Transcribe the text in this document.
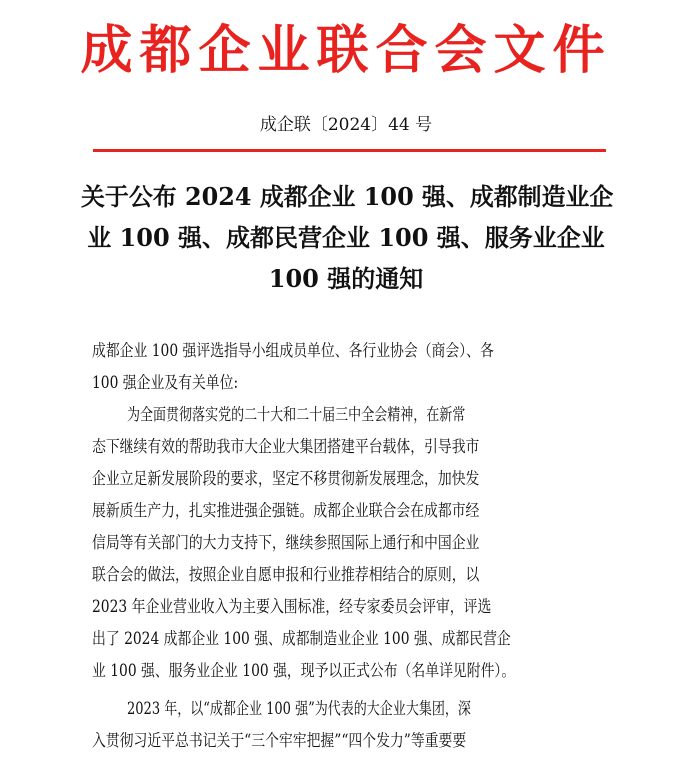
成都企业联合会文件
成企联〔2024〕44 号
关于公布 2024 成都企业 100 强、成都制造业企
业 100 强、成都民营企业 100 强、服务业企业
100 强的通知
成都企业 100 强评选指导小组成员单位、各行业协会（商会）、各
100 强企业及有关单位:
为全面贯彻落实党的二十大和二十届三中全会精神，在新常
态下继续有效的帮助我市大企业大集团搭建平台载体，引导我市
企业立足新发展阶段的要求，坚定不移贯彻新发展理念，加快发
展新质生产力，扎实推进强企强链。成都企业联合会在成都市经
信局等有关部门的大力支持下，继续参照国际上通行和中国企业
联合会的做法，按照企业自愿申报和行业推荐相结合的原则，以
2023 年企业营业收入为主要入围标准，经专家委员会评审，评选
出了 2024 成都企业 100 强、成都制造业企业 100 强、成都民营企
业 100 强、服务业企业 100 强，现予以正式公布（名单详见附件）。
2023 年，以“成都企业 100 强”为代表的大企业大集团，深
入贯彻习近平总书记关于“三个牢牢把握”“四个发力”等重要要
